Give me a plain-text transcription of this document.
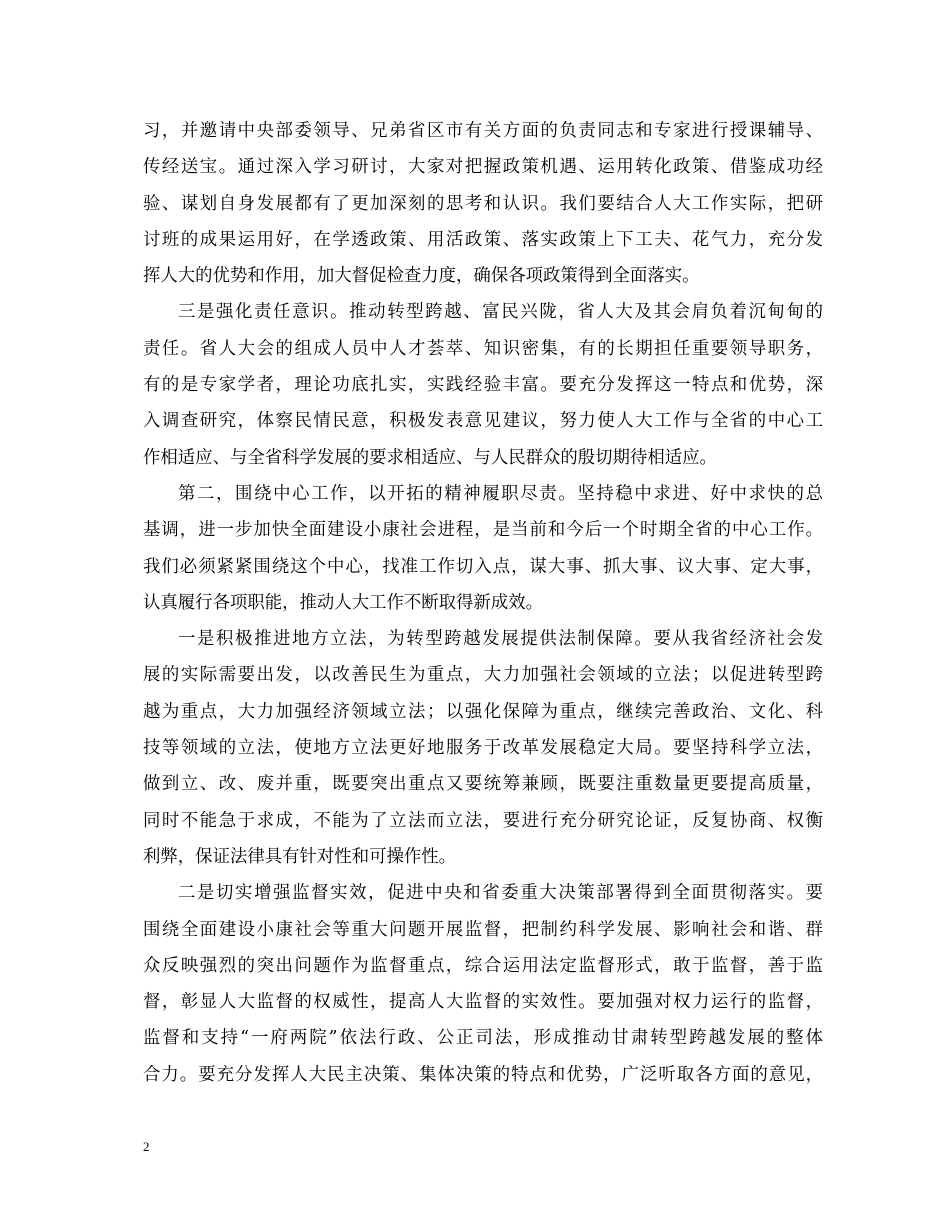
习，并邀请中央部委领导、兄弟省区市有关方面的负责同志和专家进行授课辅导、
传经送宝。通过深入学习研讨，大家对把握政策机遇、运用转化政策、借鉴成功经
验、谋划自身发展都有了更加深刻的思考和认识。我们要结合人大工作实际，把研
讨班的成果运用好，在学透政策、用活政策、落实政策上下工夫、花气力，充分发
挥人大的优势和作用，加大督促检查力度，确保各项政策得到全面落实。
三是强化责任意识。推动转型跨越、富民兴陇，省人大及其会肩负着沉甸甸的
责任。省人大会的组成人员中人才荟萃、知识密集，有的长期担任重要领导职务，
有的是专家学者，理论功底扎实，实践经验丰富。要充分发挥这一特点和优势，深
入调查研究，体察民情民意，积极发表意见建议，努力使人大工作与全省的中心工
作相适应、与全省科学发展的要求相适应、与人民群众的殷切期待相适应。
第二，围绕中心工作，以开拓的精神履职尽责。坚持稳中求进、好中求快的总
基调，进一步加快全面建设小康社会进程，是当前和今后一个时期全省的中心工作。
我们必须紧紧围绕这个中心，找准工作切入点，谋大事、抓大事、议大事、定大事，
认真履行各项职能，推动人大工作不断取得新成效。
一是积极推进地方立法，为转型跨越发展提供法制保障。要从我省经济社会发
展的实际需要出发，以改善民生为重点，大力加强社会领域的立法；以促进转型跨
越为重点，大力加强经济领域立法；以强化保障为重点，继续完善政治、文化、科
技等领域的立法，使地方立法更好地服务于改革发展稳定大局。要坚持科学立法，
做到立、改、废并重，既要突出重点又要统筹兼顾，既要注重数量更要提高质量，
同时不能急于求成，不能为了立法而立法，要进行充分研究论证，反复协商、权衡
利弊，保证法律具有针对性和可操作性。
二是切实增强监督实效，促进中央和省委重大决策部署得到全面贯彻落实。要
围绕全面建设小康社会等重大问题开展监督，把制约科学发展、影响社会和谐、群
众反映强烈的突出问题作为监督重点，综合运用法定监督形式，敢于监督，善于监
督，彰显人大监督的权威性，提高人大监督的实效性。要加强对权力运行的监督，
监督和支持“一府两院”依法行政、公正司法，形成推动甘肃转型跨越发展的整体
合力。要充分发挥人大民主决策、集体决策的特点和优势，广泛听取各方面的意见，
2
